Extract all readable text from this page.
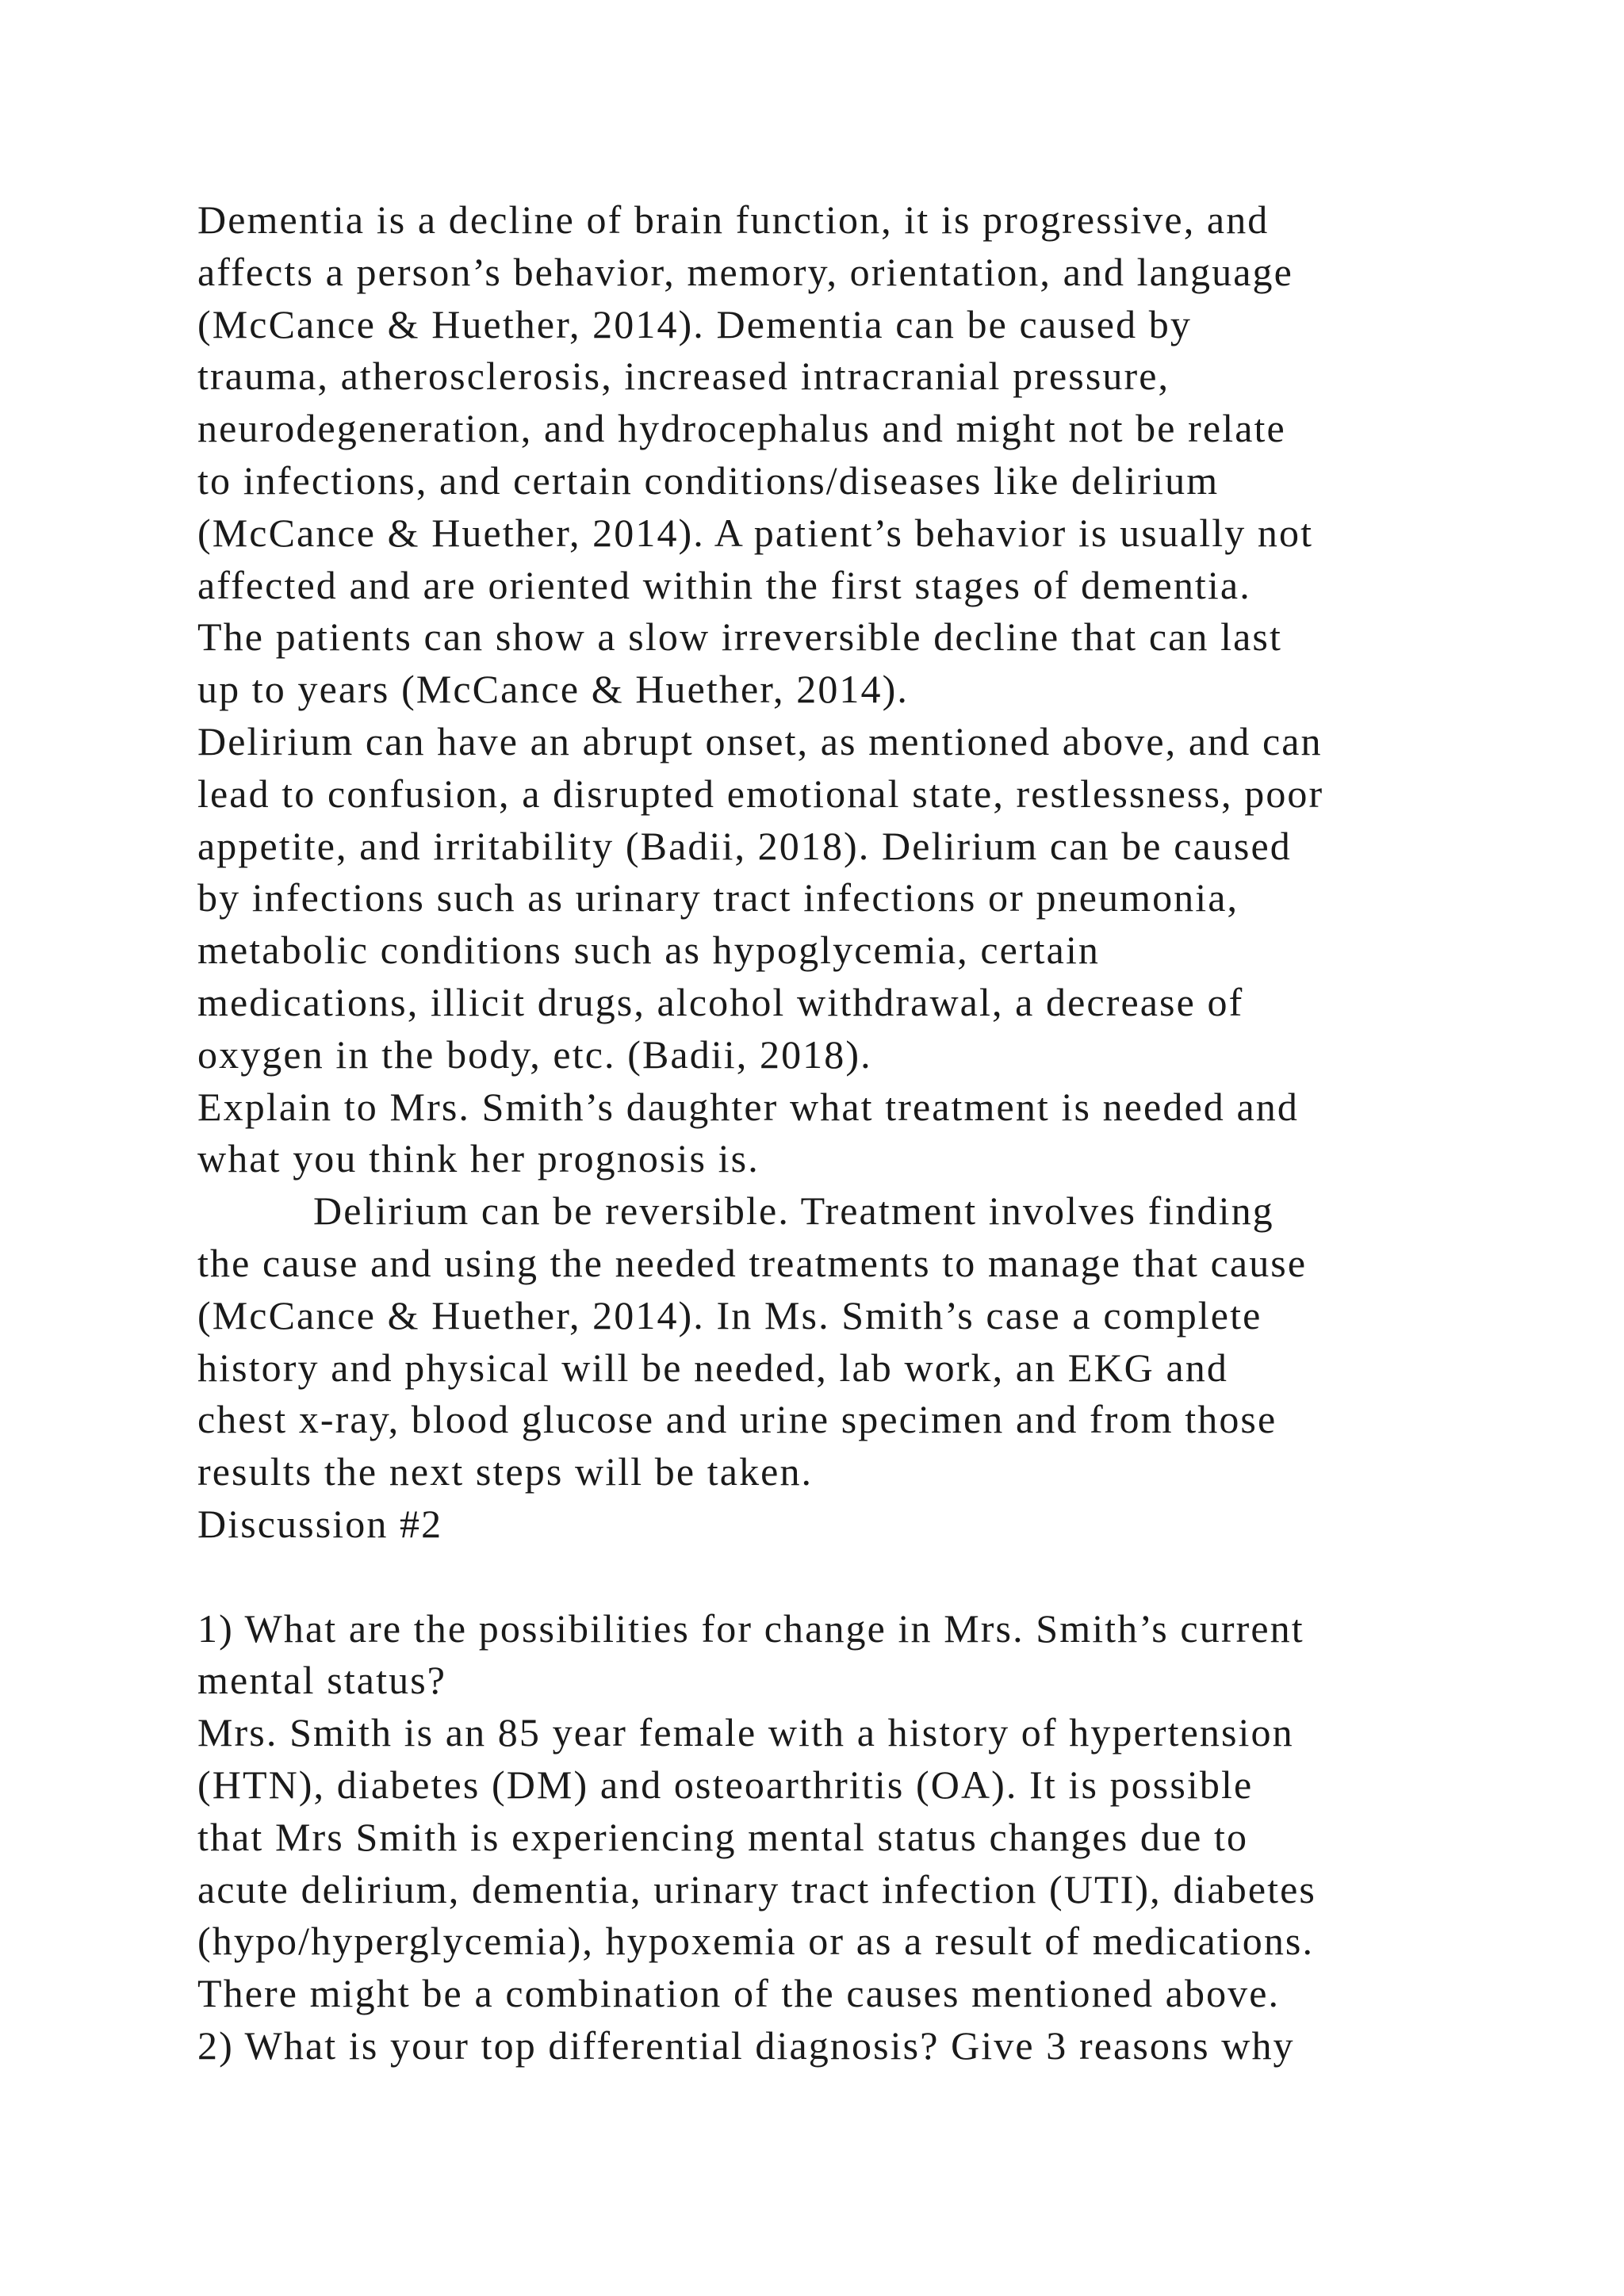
Dementia is a decline of brain function, it is progressive, and
affects a person’s behavior, memory, orientation, and language
(McCance & Huether, 2014). Dementia can be caused by
trauma, atherosclerosis, increased intracranial pressure,
neurodegeneration, and hydrocephalus and might not be relate
to infections, and certain conditions/diseases like delirium
(McCance & Huether, 2014). A patient’s behavior is usually not
affected and are oriented within the first stages of dementia.
The patients can show a slow irreversible decline that can last
up to years (McCance & Huether, 2014).
Delirium can have an abrupt onset, as mentioned above, and can
lead to confusion, a disrupted emotional state, restlessness, poor
appetite, and irritability (Badii, 2018). Delirium can be caused
by infections such as urinary tract infections or pneumonia,
metabolic conditions such as hypoglycemia, certain
medications, illicit drugs, alcohol withdrawal, a decrease of
oxygen in the body, etc. (Badii, 2018).
Explain to Mrs. Smith’s daughter what treatment is needed and
what you think her prognosis is.
Delirium can be reversible. Treatment involves finding
the cause and using the needed treatments to manage that cause
(McCance & Huether, 2014). In Ms. Smith’s case a complete
history and physical will be needed, lab work, an EKG and
chest x-ray, blood glucose and urine specimen and from those
results the next steps will be taken.
Discussion #2
1) What are the possibilities for change in Mrs. Smith’s current
mental status?
Mrs. Smith is an 85 year female with a history of hypertension
(HTN), diabetes (DM) and osteoarthritis (OA). It is possible
that Mrs Smith is experiencing mental status changes due to
acute delirium, dementia, urinary tract infection (UTI), diabetes
(hypo/hyperglycemia), hypoxemia or as a result of medications.
There might be a combination of the causes mentioned above.
2) What is your top differential diagnosis? Give 3 reasons why
